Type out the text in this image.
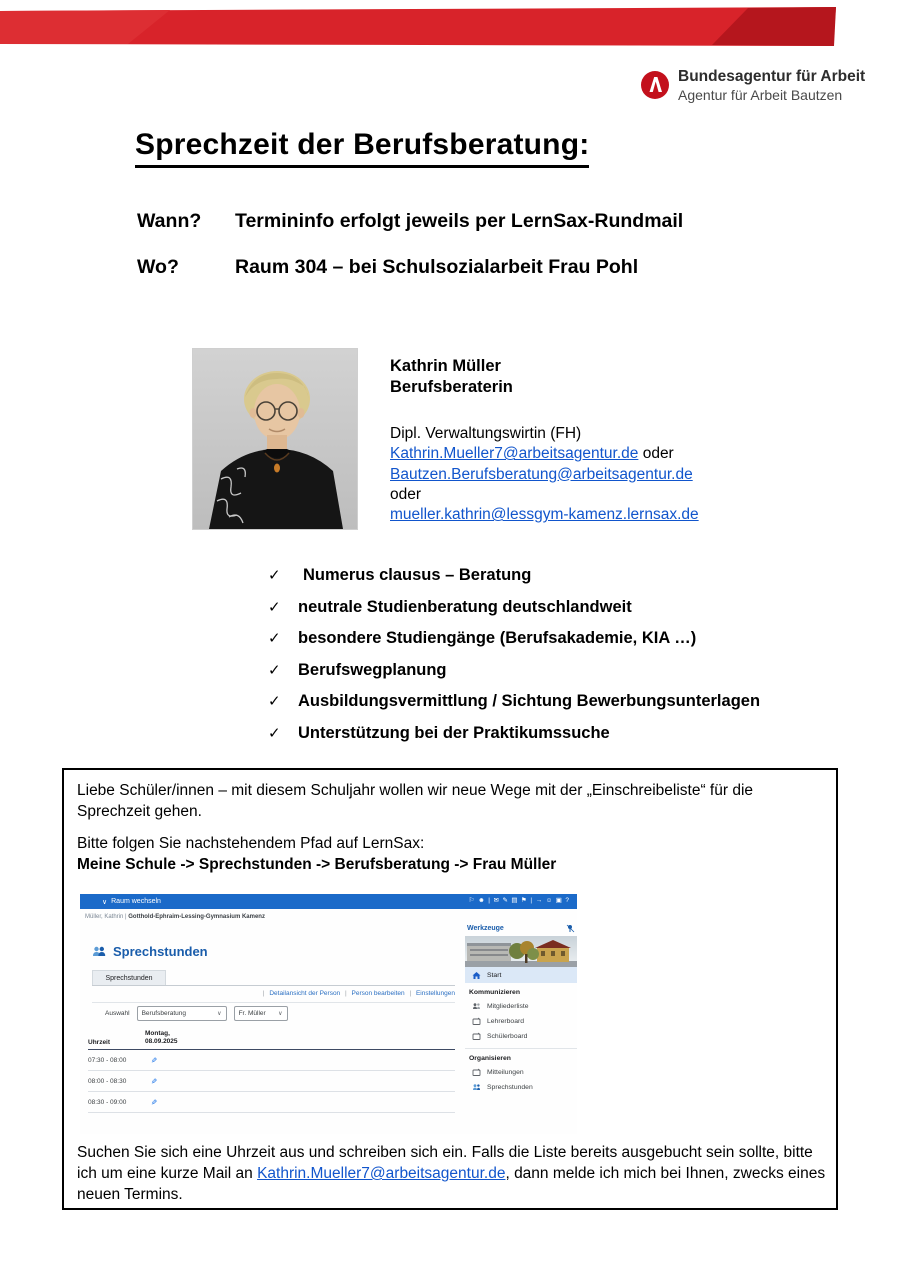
Bundesagentur für Arbeit
Agentur für Arbeit Bautzen
Sprechzeit der Berufsberatung:
Wann?	Termininfo erfolgt jeweils per LernSax-Rundmail
Wo?	Raum 304 – bei Schulsozialarbeit Frau Pohl
Kathrin Müller
Berufsberaterin
Dipl. Verwaltungswirtin (FH)
Kathrin.Mueller7@arbeitsagentur.de oder
Bautzen.Berufsberatung@arbeitsagentur.de
oder
mueller.kathrin@lessgym-kamenz.lernsax.de
✓	Numerus clausus – Beratung
✓	neutrale Studienberatung deutschlandweit
✓	besondere Studiengänge (Berufsakademie, KIA …)
✓	Berufswegplanung
✓	Ausbildungsvermittlung / Sichtung Bewerbungsunterlagen
✓	Unterstützung bei der Praktikumssuche
Liebe Schüler/innen – mit diesem Schuljahr wollen wir neue Wege mit der „Einschreibeliste“ für die Sprechzeit gehen.
Bitte folgen Sie nachstehendem Pfad auf LernSax:
Meine Schule -> Sprechstunden -> Berufsberatung -> Frau Müller
∨ Raum wechseln	⚐ ☻ | ✉ ✎ ▤ ⚑ | → ☺ ▣ ?
Müller, Kathrin | Gotthold-Ephraim-Lessing-Gymnasium Kamenz
Sprechstunden
Sprechstunden
| Detailansicht der Person | Person bearbeiten | Einstellungen
Auswahl Berufsberatung	∨	Fr. Müller ∨
Uhrzeit
Montag,
08.09.2025
07:30 - 08:00	✎
08:00 - 08:30	✎
08:30 - 09:00	✎
Werkzeuge
Start
Kommunizieren
Mitgliederliste
Lehrerboard
Schülerboard
Organisieren
Mitteilungen
Sprechstunden
Suchen Sie sich eine Uhrzeit aus und schreiben sich ein. Falls die Liste bereits ausgebucht sein sollte, bitte ich um eine kurze Mail an Kathrin.Mueller7@arbeitsagentur.de, dann melde ich mich bei Ihnen, zwecks eines neuen Termins.
